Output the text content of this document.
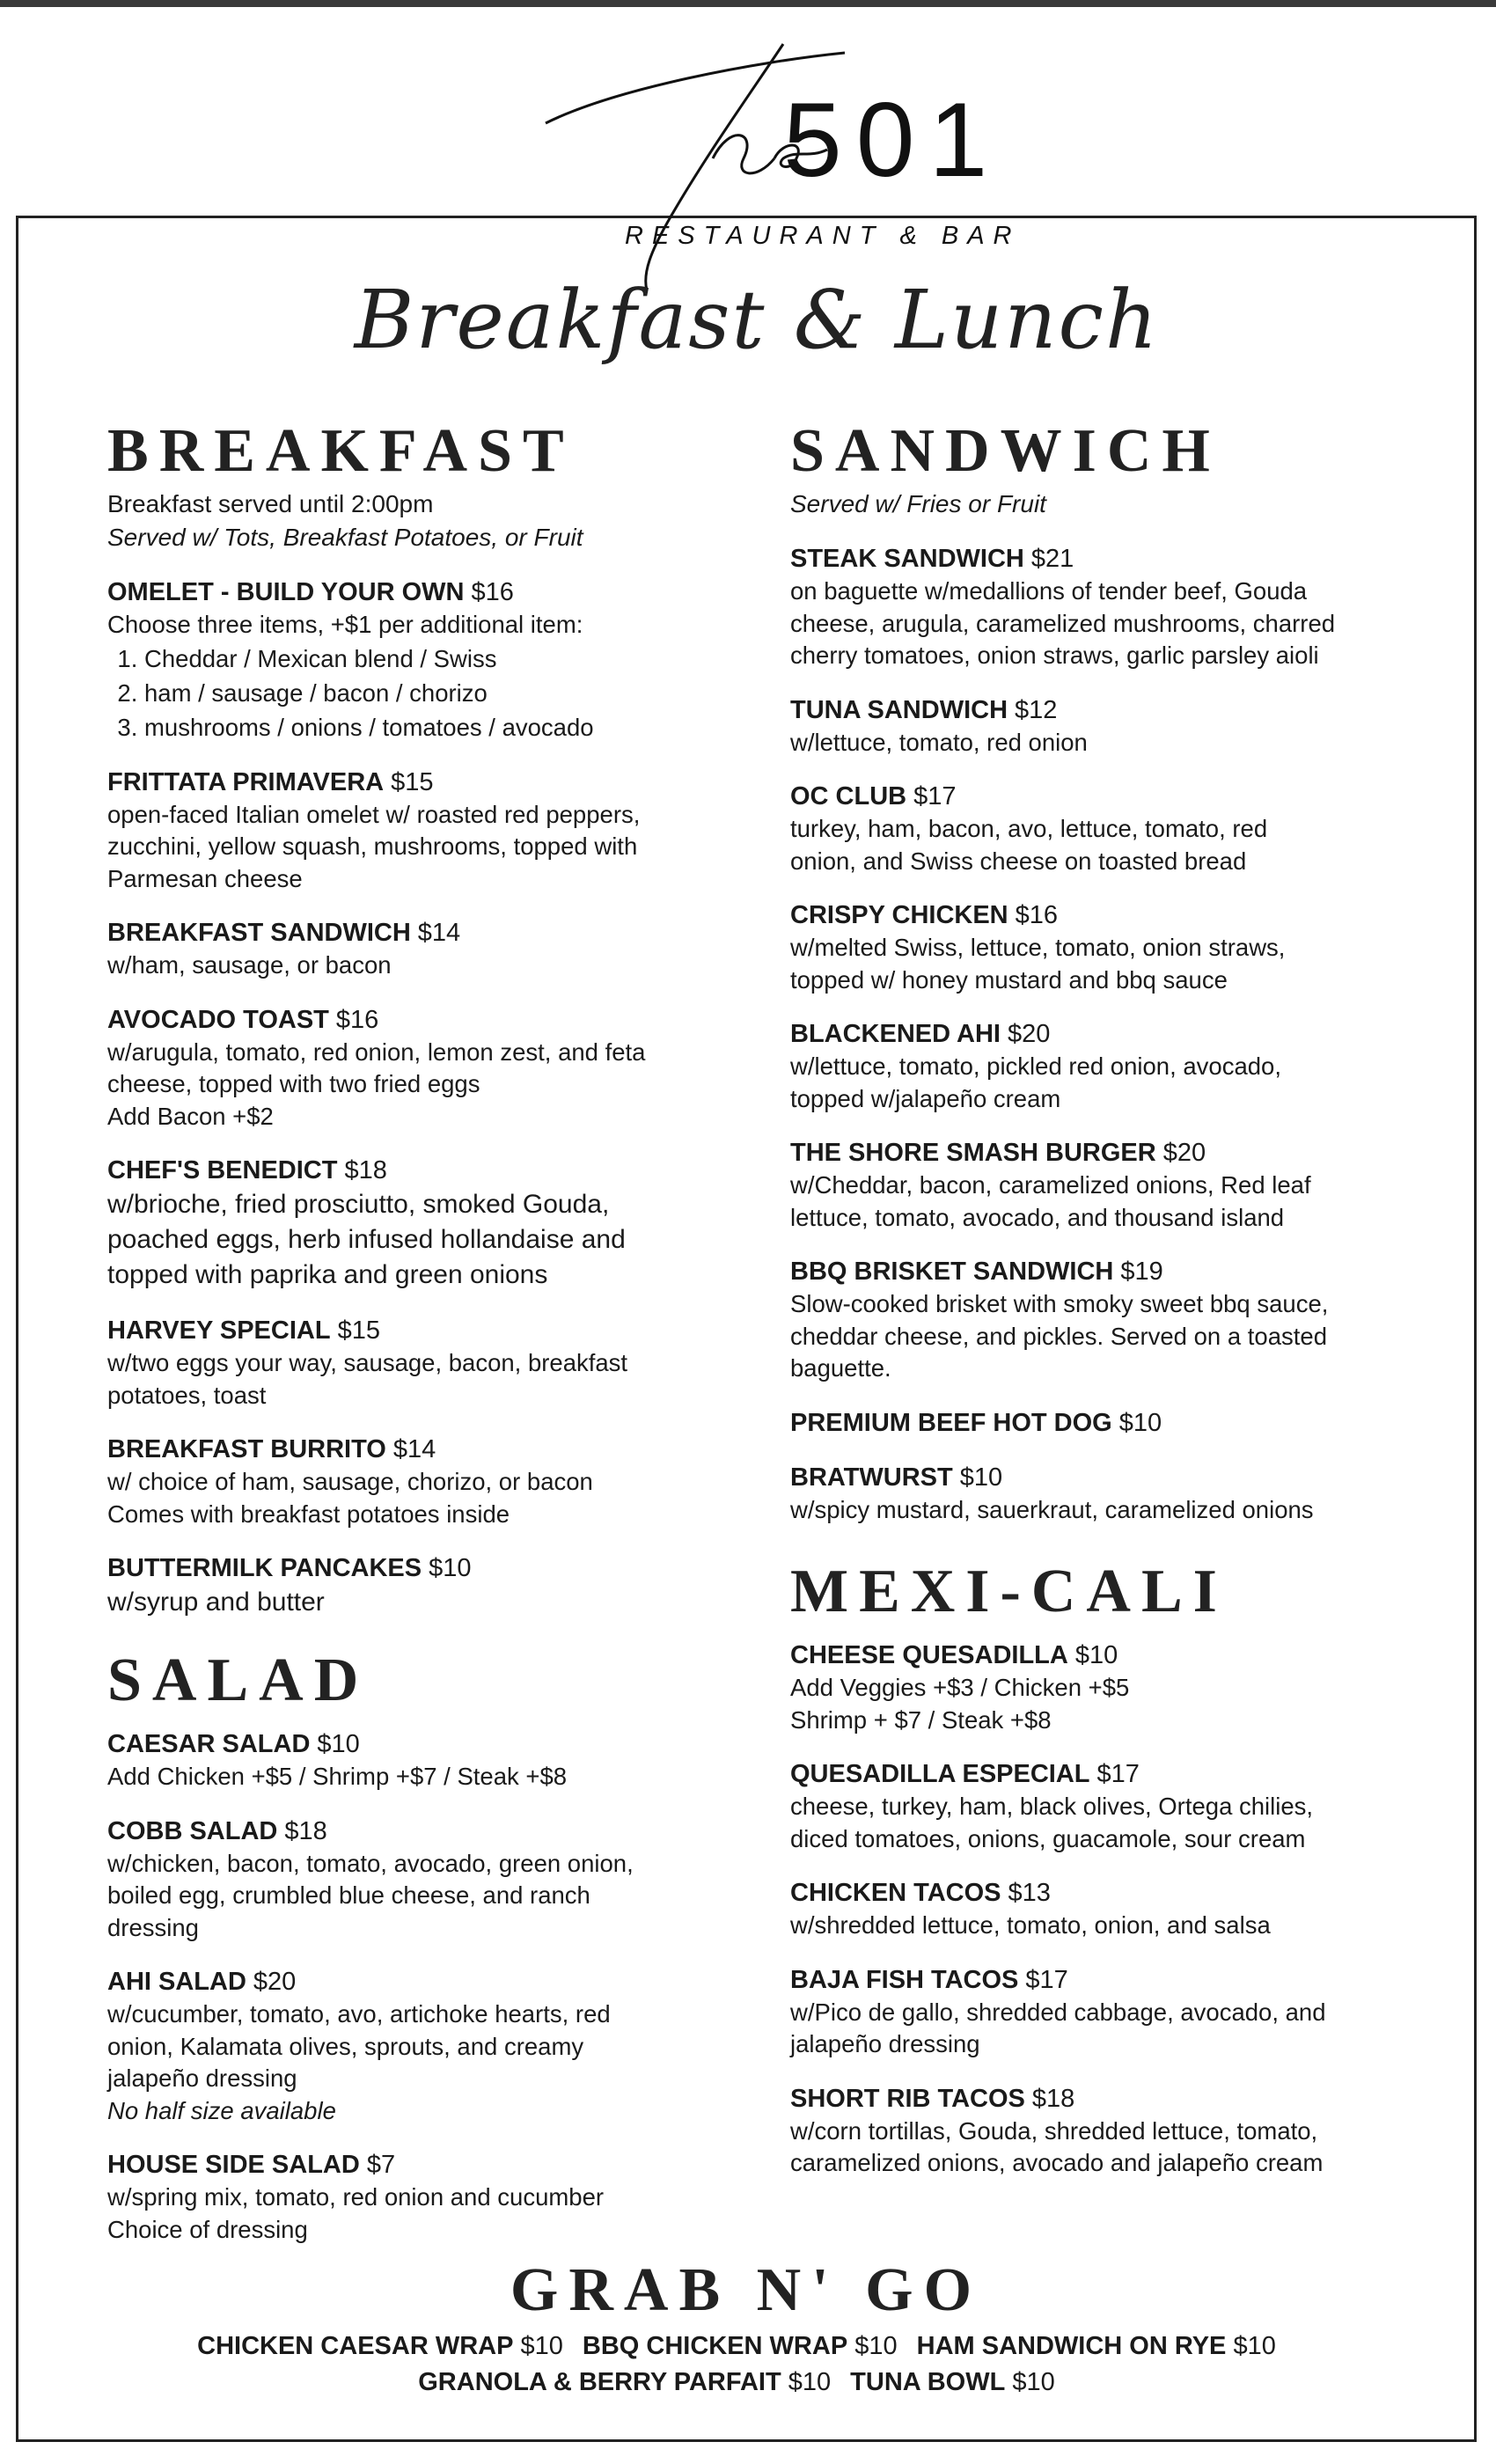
501
RESTAURANT & BAR
Breakfast & Lunch
BREAKFAST
Breakfast served until 2:00pm
Served w/ Tots, Breakfast Potatoes, or Fruit
OMELET - BUILD YOUR OWN $16
Choose three items, +$1 per additional item:
1. Cheddar / Mexican blend / Swiss
2. ham / sausage / bacon / chorizo
3. mushrooms / onions / tomatoes / avocado
FRITTATA PRIMAVERA $15
open-faced Italian omelet w/ roasted red peppers,
zucchini, yellow squash, mushrooms, topped with
Parmesan cheese
BREAKFAST SANDWICH $14
w/ham, sausage, or bacon
AVOCADO TOAST $16
w/arugula, tomato, red onion, lemon zest, and feta
cheese, topped with two fried eggs
Add Bacon +$2
CHEF'S BENEDICT $18
w/brioche, fried prosciutto, smoked Gouda,
poached eggs, herb infused hollandaise and
topped with paprika and green onions
HARVEY SPECIAL $15
w/two eggs your way, sausage, bacon, breakfast
potatoes, toast
BREAKFAST BURRITO $14
w/ choice of ham, sausage, chorizo, or bacon
Comes with breakfast potatoes inside
BUTTERMILK PANCAKES $10
w/syrup and butter
SALAD
CAESAR SALAD $10
Add Chicken +$5 / Shrimp +$7 / Steak +$8
COBB SALAD $18
w/chicken, bacon, tomato, avocado, green onion,
boiled egg, crumbled blue cheese, and ranch
dressing
AHI SALAD $20
w/cucumber, tomato, avo, artichoke hearts, red
onion, Kalamata olives, sprouts, and creamy
jalapeño dressing
No half size available
HOUSE SIDE SALAD $7
w/spring mix, tomato, red onion and cucumber
Choice of dressing
SANDWICH
Served w/ Fries or Fruit
STEAK SANDWICH $21
on baguette w/medallions of tender beef, Gouda
cheese, arugula, caramelized mushrooms, charred
cherry tomatoes, onion straws, garlic parsley aioli
TUNA SANDWICH $12
w/lettuce, tomato, red onion
OC CLUB $17
turkey, ham, bacon, avo, lettuce, tomato, red
onion, and Swiss cheese on toasted bread
CRISPY CHICKEN $16
w/melted Swiss, lettuce, tomato, onion straws,
topped w/ honey mustard and bbq sauce
BLACKENED AHI $20
w/lettuce, tomato, pickled red onion, avocado,
topped w/jalapeño cream
THE SHORE SMASH BURGER $20
w/Cheddar, bacon, caramelized onions, Red leaf
lettuce, tomato, avocado, and thousand island
BBQ BRISKET SANDWICH $19
Slow-cooked brisket with smoky sweet bbq sauce,
cheddar cheese, and pickles. Served on a toasted
baguette.
PREMIUM BEEF HOT DOG $10
BRATWURST $10
w/spicy mustard, sauerkraut, caramelized onions
MEXI-CALI
CHEESE QUESADILLA $10
Add Veggies +$3 / Chicken +$5
Shrimp + $7 / Steak +$8
QUESADILLA ESPECIAL $17
cheese, turkey, ham, black olives, Ortega chilies,
diced tomatoes, onions, guacamole, sour cream
CHICKEN TACOS $13
w/shredded lettuce, tomato, onion, and salsa
BAJA FISH TACOS $17
w/Pico de gallo, shredded cabbage, avocado, and
jalapeño dressing
SHORT RIB TACOS $18
w/corn tortillas, Gouda, shredded lettuce, tomato,
caramelized onions, avocado and jalapeño cream
GRAB N' GO
CHICKEN CAESAR WRAP $10 BBQ CHICKEN WRAP $10 HAM SANDWICH ON RYE $10
GRANOLA & BERRY PARFAIT $10 TUNA BOWL $10
